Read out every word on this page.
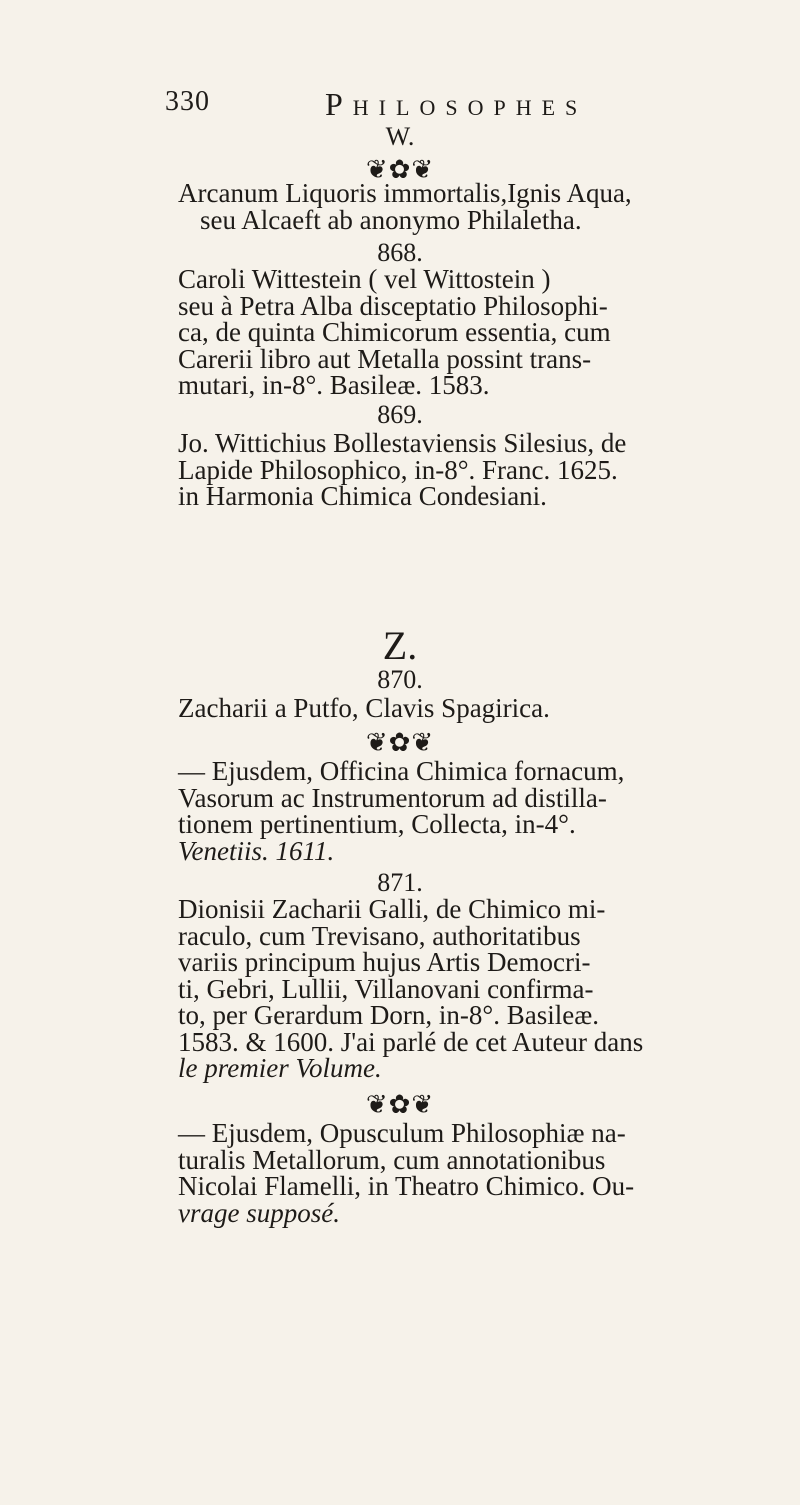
330	Philosophes
W.
❦✿❦
Arcanum Liquoris immortalis,Ignis Aqua,
seu Alcaeft ab anonymo Philaletha.
868.
Caroli Wittestein ( vel Wittostein )
seu à Petra Alba disceptatio Philosophi-
ca, de quinta Chimicorum essentia, cum
Carerii libro aut Metalla possint trans-
mutari, in-8°. Basileæ. 1583.
869.
Jo. Wittichius Bollestaviensis Silesius, de
Lapide Philosophico, in-8°. Franc. 1625.
in Harmonia Chimica Condesiani.
Z.
870.
Zacharii a Putfo, Clavis Spagirica.
❦✿❦
— Ejusdem, Officina Chimica fornacum,
Vasorum ac Instrumentorum ad distilla-
tionem pertinentium, Collecta, in-4°.
Venetiis. 1611.
871.
Dionisii Zacharii Galli, de Chimico mi-
raculo, cum Trevisano, authoritatibus
variis principum hujus Artis Democri-
ti, Gebri, Lullii, Villanovani confirma-
to, per Gerardum Dorn, in-8°. Basileæ.
1583. & 1600. J'ai parlé de cet Auteur dans
le premier Volume.
❦✿❦
— Ejusdem, Opusculum Philosophiæ na-
turalis Metallorum, cum annotationibus
Nicolai Flamelli, in Theatro Chimico. Ou-
vrage supposé.
